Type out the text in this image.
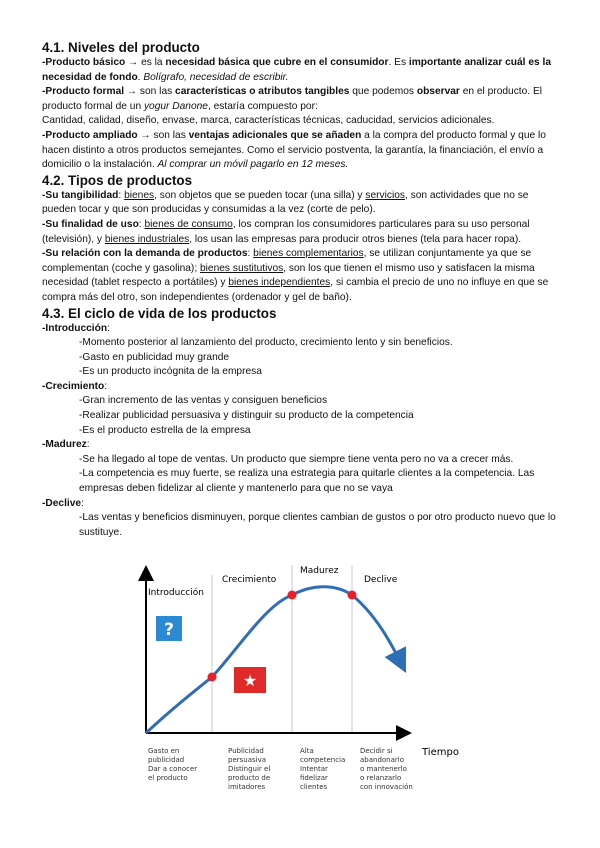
4.1. Niveles del producto

-Producto básico → es la necesidad básica que cubre en el consumidor. Es importante analizar cuál es la necesidad de fondo. Bolígrafo, necesidad de escribir.

-Producto formal → son las características o atributos tangibles que podemos observar en el producto. El producto formal de un yogur Danone, estaría compuesto por:

Cantidad, calidad, diseño, envase, marca, características técnicas, caducidad, servicios adicionales.

-Producto ampliado → son las ventajas adicionales que se añaden a la compra del producto formal y que lo hacen distinto a otros productos semejantes. Como el servicio postventa, la garantía, la financiación, el envío a domicilio o la instalación. Al comprar un móvil pagarlo en 12 meses.

4.2. Tipos de productos

-Su tangibilidad: bienes, son objetos que se pueden tocar (una silla) y servicios, son actividades que no se pueden tocar y que son producidas y consumidas a la vez (corte de pelo).

-Su finalidad de uso: bienes de consumo, los compran los consumidores particulares para su uso personal (televisión), y bienes industriales, los usan las empresas para producir otros bienes (tela para hacer ropa).

-Su relación con la demanda de productos: bienes complementarios, se utilizan conjuntamente ya que se complementan (coche y gasolina); bienes sustitutivos, son los que tienen el mismo uso y satisfacen la misma necesidad (tablet respecto a portátiles) y bienes independientes, si cambia el precio de uno no influye en que se compra más del otro, son independientes (ordenador y gel de baño).

4.3. El ciclo de vida de los productos

-Introducción:

-Momento posterior al lanzamiento del producto, crecimiento lento y sin beneficios.

-Gasto en publicidad muy grande

-Es un producto incógnita de la empresa

-Crecimiento:

-Gran incremento de las ventas y consiguen beneficios

-Realizar publicidad persuasiva y distinguir su producto de la competencia

-Es el producto estrella de la empresa

-Madurez:

-Se ha llegado al tope de ventas. Un producto que siempre tiene venta pero no va a crecer más.

-La competencia es muy fuerte, se realiza una estrategia para quitarle clientes a la competencia. Las empresas deben fidelizar al cliente y mantenerlo para que no se vaya

-Declive:

-Las ventas y beneficios disminuyen, porque clientes cambian de gustos o por otro producto nuevo que lo sustituye.

Introducción
Crecimiento
Madurez
Declive
?
★
Tiempo
Gasto en
publicidad
Dar a conocer
el producto
Publicidad
persuasiva
Distinguir el
producto de
imitadores
Alta
competencia
Intentar
fidelizar
clientes
Decidir si
abandonarlo
o mantenerlo
o relanzarlo
con innovación
